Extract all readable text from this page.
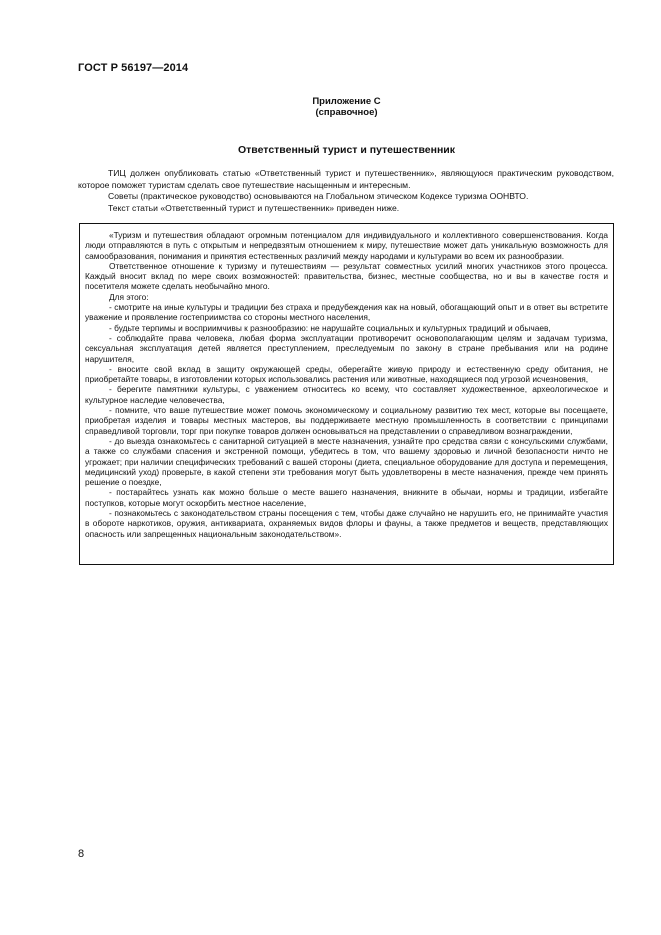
ГОСТ Р 56197—2014
Приложение С
(справочное)
Ответственный турист и путешественник

ТИЦ должен опубликовать статью «Ответственный турист и путешественник», являющуюся практическим руководством, которое поможет туристам сделать свое путешествие насыщенным и интересным.

Советы (практическое руководство) основываются на Глобальном этическом Кодексе туризма ООНВТО.

Текст статьи «Ответственный турист и путешественник» приведен ниже.

«Туризм и путешествия обладают огромным потенциалом для индивидуального и коллективного совершенствования. Когда люди отправляются в путь с открытым и непредвзятым отношением к миру, путешествие может дать уникальную возможность для самообразования, понимания и принятия естественных различий между народами и культурами во всем их разнообразии.

Ответственное отношение к туризму и путешествиям — результат совместных усилий многих участников этого процесса. Каждый вносит вклад по мере своих возможностей: правительства, бизнес, местные сообщества, но и вы в качестве гостя и посетителя можете сделать необычайно много.

Для этого:

- смотрите на иные культуры и традиции без страха и предубеждения как на новый, обогащающий опыт и в ответ вы встретите уважение и проявление гостеприимства со стороны местного населения,

- будьте терпимы и восприимчивы к разнообразию: не нарушайте социальных и культурных традиций и обычаев,

- соблюдайте права человека, любая форма эксплуатации противоречит основополагающим целям и задачам туризма, сексуальная эксплуатация детей является преступлением, преследуемым по закону в стране пребывания или на родине нарушителя,

- вносите свой вклад в защиту окружающей среды, оберегайте живую природу и естественную среду обитания, не приобретайте товары, в изготовлении которых использовались растения или животные, находящиеся под угрозой исчезновения,

- берегите памятники культуры, с уважением относитесь ко всему, что составляет художественное, археологическое и культурное наследие человечества,

- помните, что ваше путешествие может помочь экономическому и социальному развитию тех мест, которые вы посещаете, приобретая изделия и товары местных мастеров, вы поддерживаете местную промышленность в соответствии с принципами справедливой торговли, торг при покупке товаров должен основываться на представлении о справедливом вознаграждении,

- до выезда ознакомьтесь с санитарной ситуацией в месте назначения, узнайте про средства связи с консульскими службами, а также со службами спасения и экстренной помощи, убедитесь в том, что вашему здоровью и личной безопасности ничто не угрожает; при наличии специфических требований с вашей стороны (диета, специальное оборудование для доступа и перемещения, медицинский уход) проверьте, в какой степени эти требования могут быть удовлетворены в месте назначения, прежде чем принять решение о поездке,

- постарайтесь узнать как можно больше о месте вашего назначения, вникните в обычаи, нормы и традиции, избегайте поступков, которые могут оскорбить местное население,

- познакомьтесь с законодательством страны посещения с тем, чтобы даже случайно не нарушить его, не принимайте участия в обороте наркотиков, оружия, антиквариата, охраняемых видов флоры и фауны, а также предметов и веществ, представляющих опасность или запрещенных национальным законодательством».

8
